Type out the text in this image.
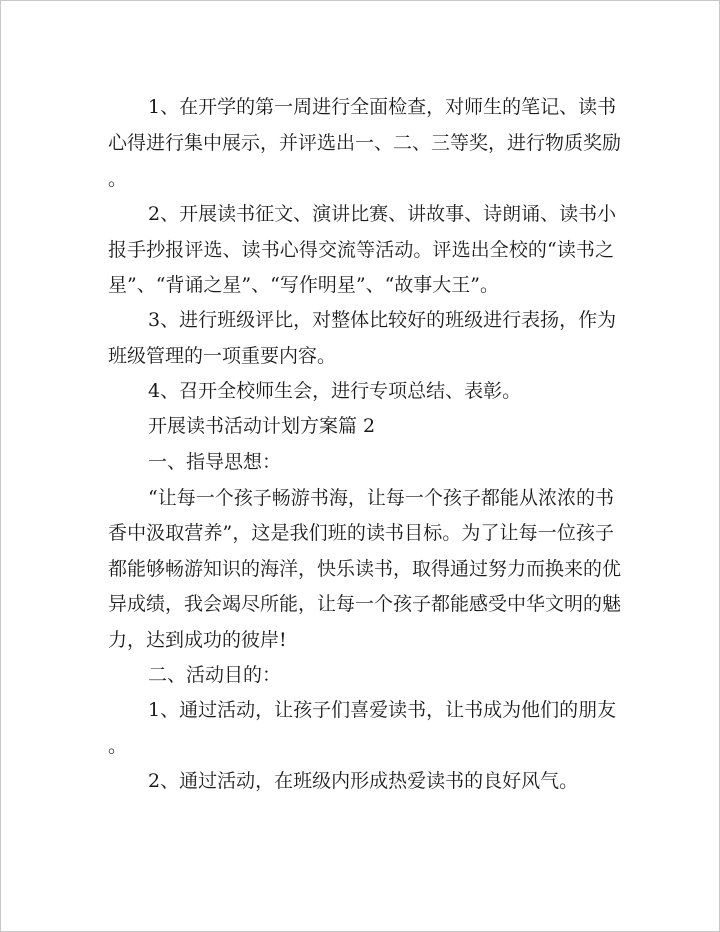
1、在开学的第一周进行全面检查，对师生的笔记、读书

心得进行集中展示，并评选出一、二、三等奖，进行物质奖励

。

2、开展读书征文、演讲比赛、讲故事、诗朗诵、读书小

报手抄报评选、读书心得交流等活动。评选出全校的“读书之

星”、“背诵之星”、“写作明星”、“故事大王”。

3、进行班级评比，对整体比较好的班级进行表扬，作为

班级管理的一项重要内容。

4、召开全校师生会，进行专项总结、表彰。

开展读书活动计划方案篇 2

一、指导思想：

“让每一个孩子畅游书海，让每一个孩子都能从浓浓的书

香中汲取营养”，这是我们班的读书目标。为了让每一位孩子

都能够畅游知识的海洋，快乐读书，取得通过努力而换来的优

异成绩，我会竭尽所能，让每一个孩子都能感受中华文明的魅

力，达到成功的彼岸!

二、活动目的：

1、通过活动，让孩子们喜爱读书，让书成为他们的朋友

。

2、通过活动，在班级内形成热爱读书的良好风气。
